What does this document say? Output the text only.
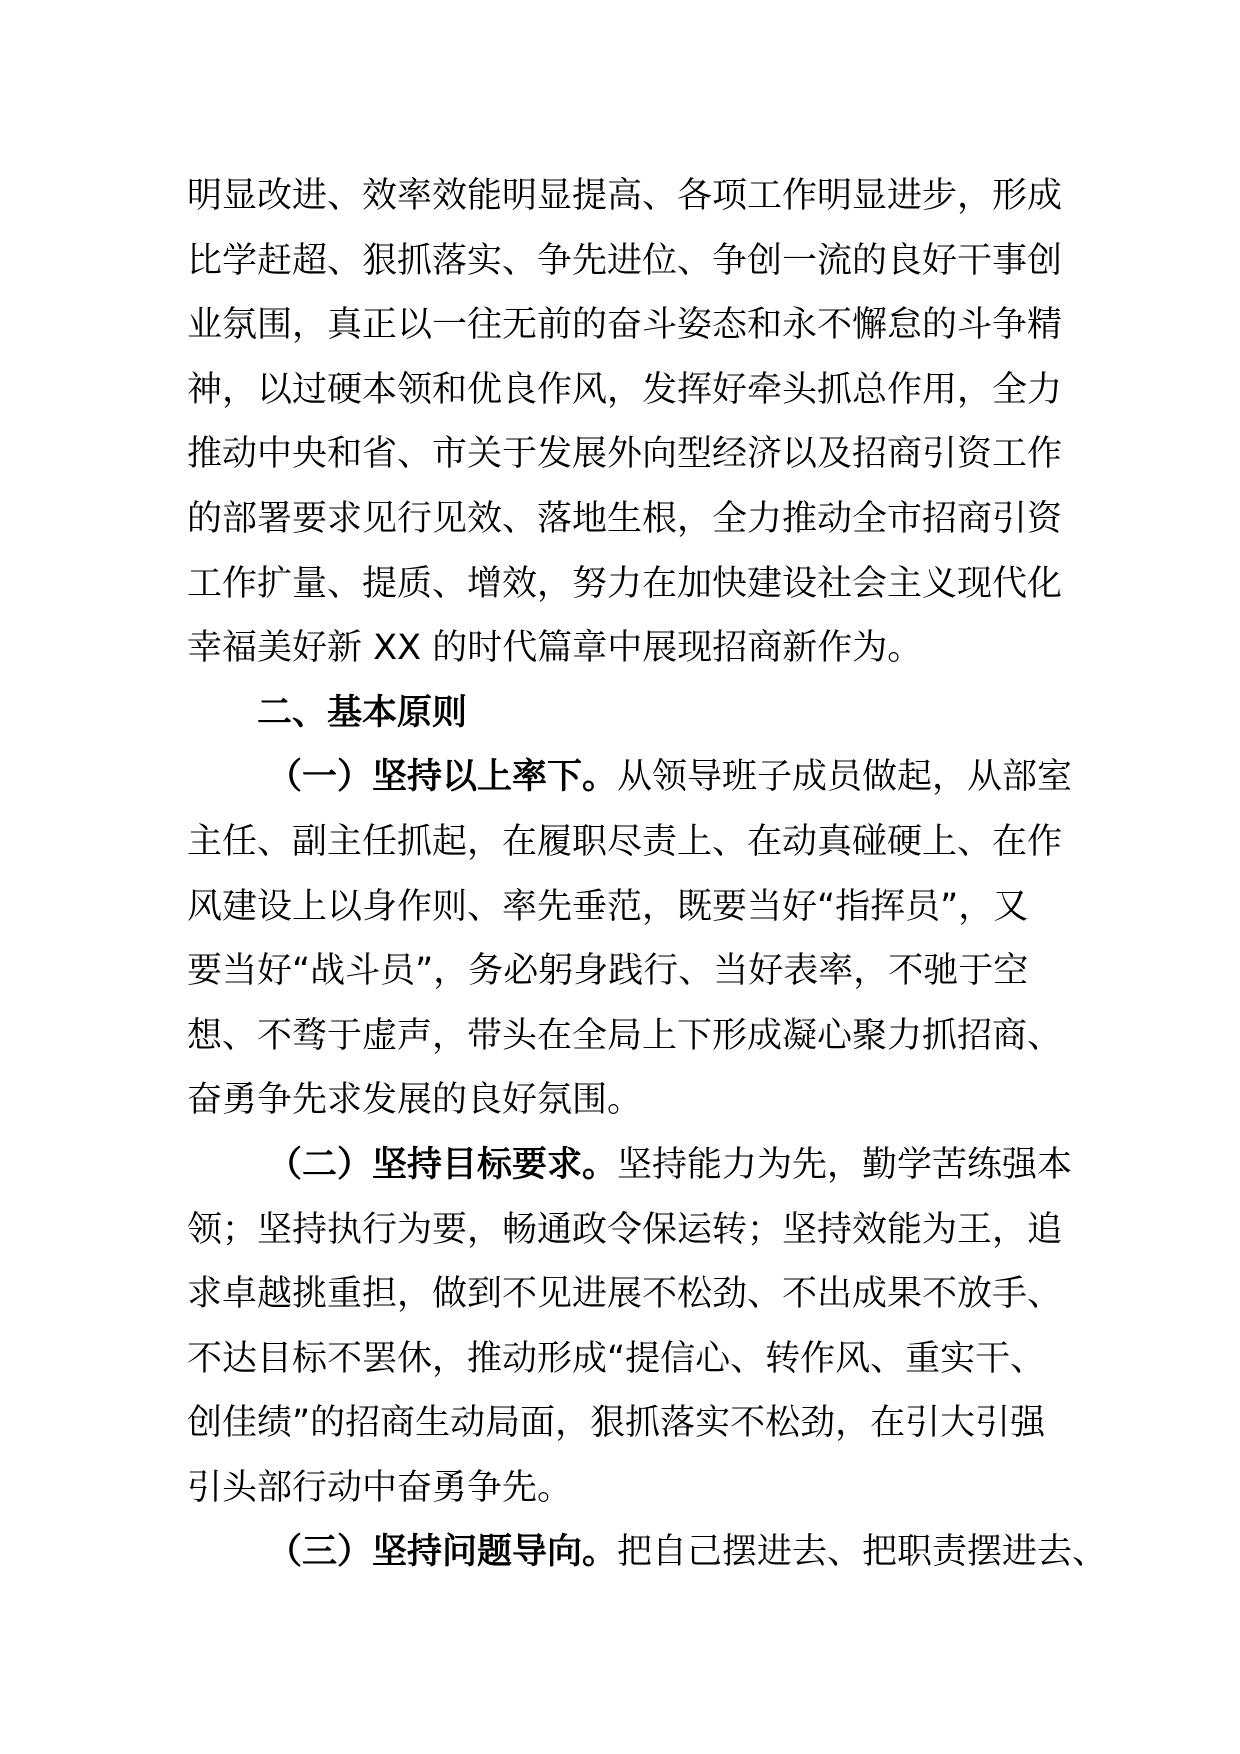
明显改进、效率效能明显提高、各项工作明显进步，形成
比学赶超、狠抓落实、争先进位、争创一流的良好干事创
业氛围，真正以一往无前的奋斗姿态和永不懈怠的斗争精
神，以过硬本领和优良作风，发挥好牵头抓总作用，全力
推动中央和省、市关于发展外向型经济以及招商引资工作
的部署要求见行见效、落地生根，全力推动全市招商引资
工作扩量、提质、增效，努力在加快建设社会主义现代化
幸福美好新 XX 的时代篇章中展现招商新作为。
二、基本原则
（一）坚持以上率下。从领导班子成员做起，从部室
主任、副主任抓起，在履职尽责上、在动真碰硬上、在作
风建设上以身作则、率先垂范，既要当好“指挥员”，又
要当好“战斗员”，务必躬身践行、当好表率，不驰于空
想、不骛于虚声，带头在全局上下形成凝心聚力抓招商、
奋勇争先求发展的良好氛围。
（二）坚持目标要求。坚持能力为先，勤学苦练强本
领；坚持执行为要，畅通政令保运转；坚持效能为王，追
求卓越挑重担，做到不见进展不松劲、不出成果不放手、
不达目标不罢休，推动形成“提信心、转作风、重实干、
创佳绩”的招商生动局面，狠抓落实不松劲，在引大引强
引头部行动中奋勇争先。
（三）坚持问题导向。把自己摆进去、把职责摆进去、
